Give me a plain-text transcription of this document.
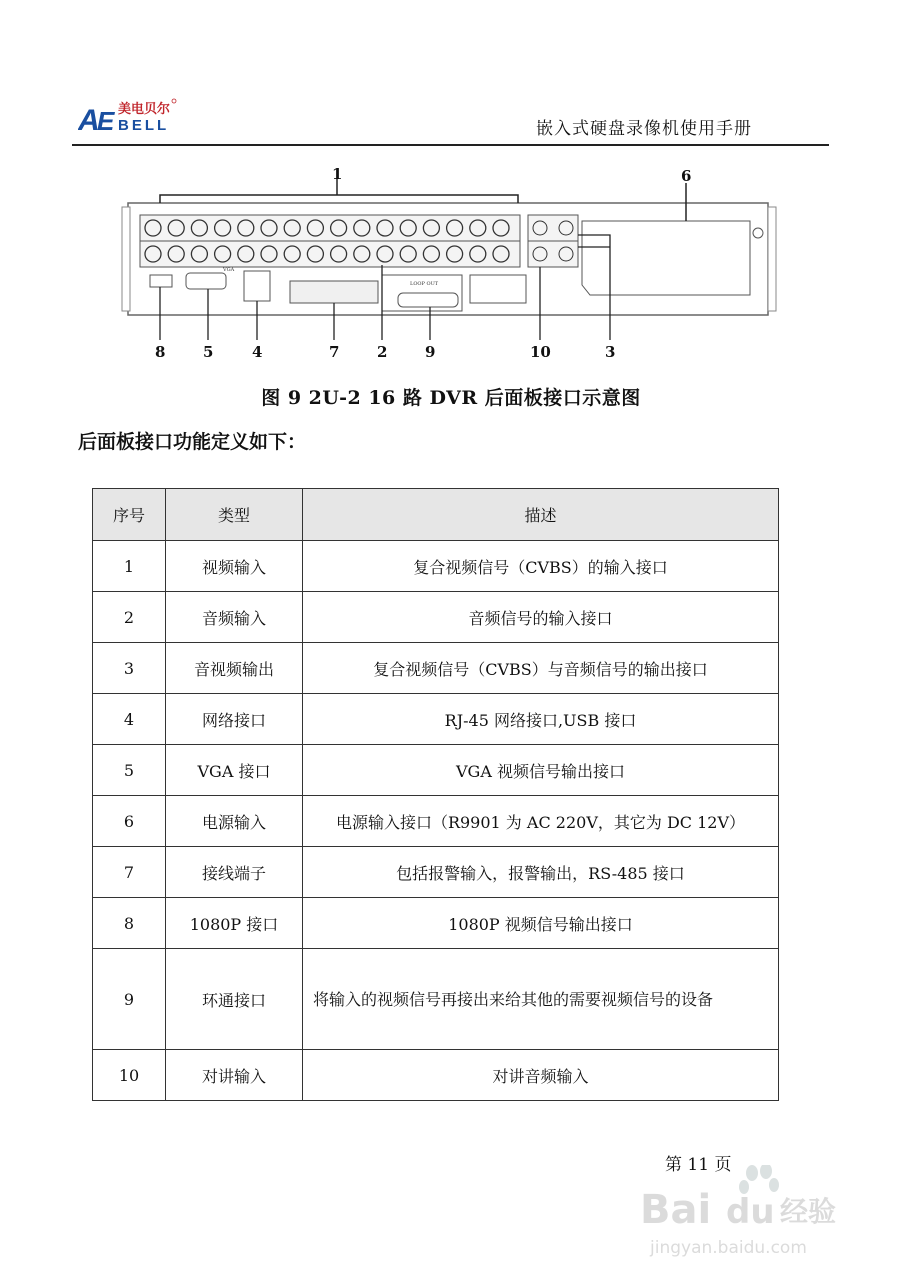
A
E 美电贝尔
BELL	嵌入式硬盘录像机使用手册
1	6
VGA
LOOP OUT
8	5	4	7	2	9	10	3
图 9 2U-2 16 路 DVR 后面板接口示意图
后面板接口功能定义如下：
序号	类型	描述
1	视频输入	复合视频信号（CVBS）的输入接口
2	音频输入	音频信号的输入接口
3	音视频输出	复合视频信号（CVBS）与音频信号的输出接口
4	网络接口	RJ-45 网络接口,USB 接口
5	VGA 接口	VGA 视频信号输出接口
6	电源输入	电源输入接口（R9901 为 AC 220V，其它为 DC 12V）
7	接线端子	包括报警输入，报警输出，RS-485 接口
8	1080P 接口	1080P 视频信号输出接口
9	环通接口	将输入的视频信号再接出来给其他的需要视频信号的设备
10	对讲输入	对讲音频输入
第 11 页
Bai du 经验
jingyan.baidu.com
